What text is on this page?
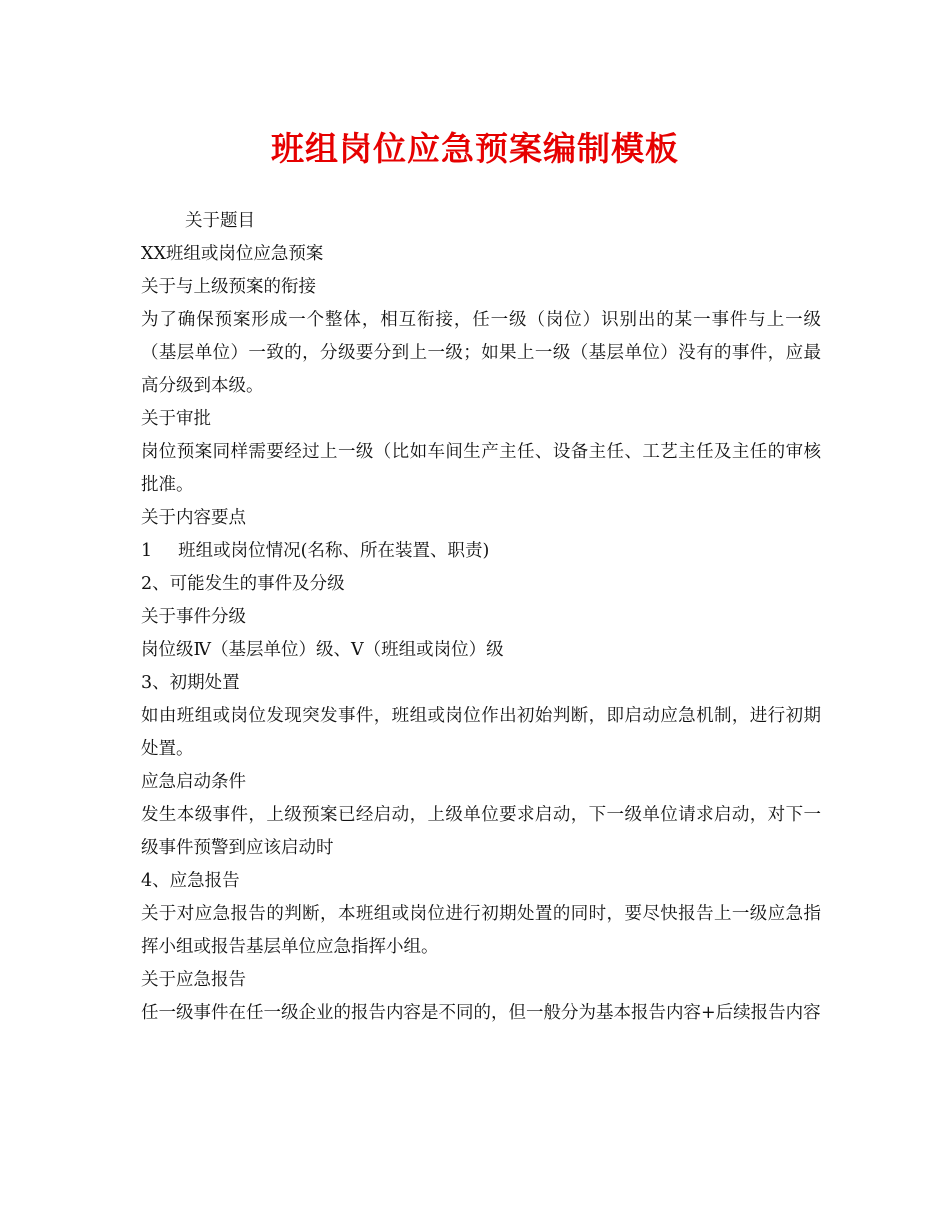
班组岗位应急预案编制模板

关于题目

XX班组或岗位应急预案

关于与上级预案的衔接

为了确保预案形成一个整体，相互衔接，任一级（岗位）识别出的某一事件与上一级（基层单位）一致的，分级要分到上一级；如果上一级（基层单位）没有的事件，应最高分级到本级。

关于审批

岗位预案同样需要经过上一级（比如车间生产主任、设备主任、工艺主任及主任的审核批准。

关于内容要点

1 班组或岗位情况(名称、所在装置、职责)

2、可能发生的事件及分级

关于事件分级

岗位级Ⅳ（基层单位）级、Ⅴ（班组或岗位）级

3、初期处置

如由班组或岗位发现突发事件，班组或岗位作出初始判断，即启动应急机制，进行初期处置。

应急启动条件

发生本级事件，上级预案已经启动，上级单位要求启动，下一级单位请求启动，对下一级事件预警到应该启动时

4、应急报告

关于对应急报告的判断，本班组或岗位进行初期处置的同时，要尽快报告上一级应急指挥小组或报告基层单位应急指挥小组。

关于应急报告

任一级事件在任一级企业的报告内容是不同的，但一般分为基本报告内容+后续报告内容
